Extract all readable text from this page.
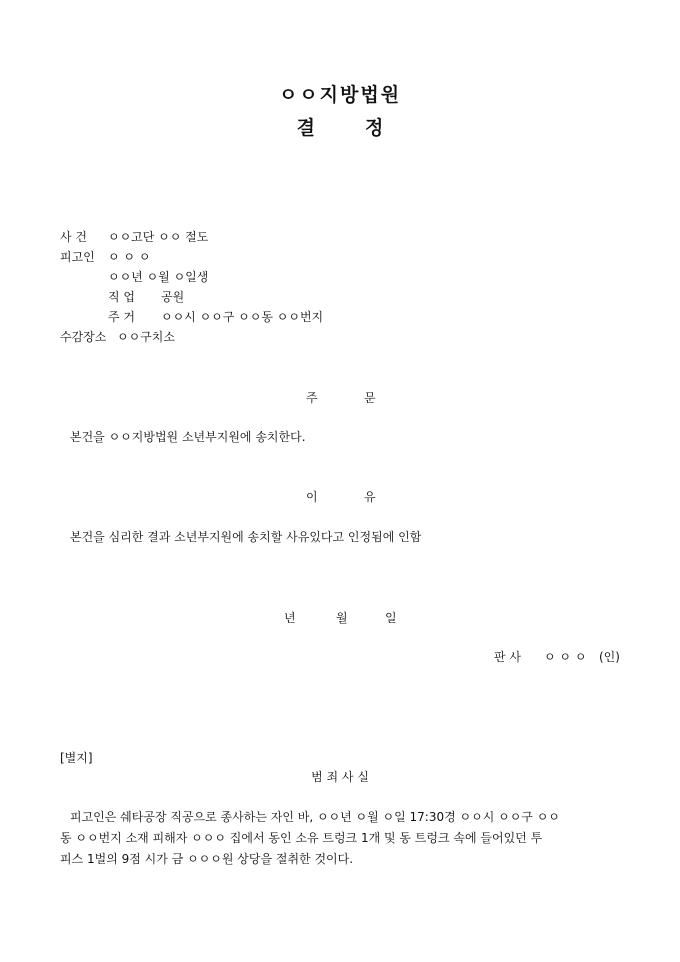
ㅇㅇ지방법원
결	정
사 건 ㅇㅇ고단 ㅇㅇ 절도
피고인 ㅇ ㅇ ㅇ
ㅇㅇ년 ㅇ월 ㅇ일생
직 업 공원
주 거 ㅇㅇ시 ㅇㅇ구 ㅇㅇ동 ㅇㅇ번지
수감장소 ㅇㅇ구치소
주	문
본건을 ㅇㅇ지방법원 소년부지원에 송치한다.
이	유
본건을 심리한 결과 소년부지원에 송치할 사유있다고 인정됨에 인함
년	월	일
판 사 ㅇ ㅇ ㅇ (인)
[별지]
범 죄 사 실
피고인은 쉐타공장 직공으로 종사하는 자인 바, ㅇㅇ년 ㅇ월 ㅇ일 17:30경 ㅇㅇ시 ㅇㅇ구 ㅇㅇ
동 ㅇㅇ번지 소재 피해자 ㅇㅇㅇ 집에서 동인 소유 트렁크 1개 및 동 트렁크 속에 들어있던 투
피스 1벌의 9점 시가 금 ㅇㅇㅇ원 상당을 절취한 것이다.
